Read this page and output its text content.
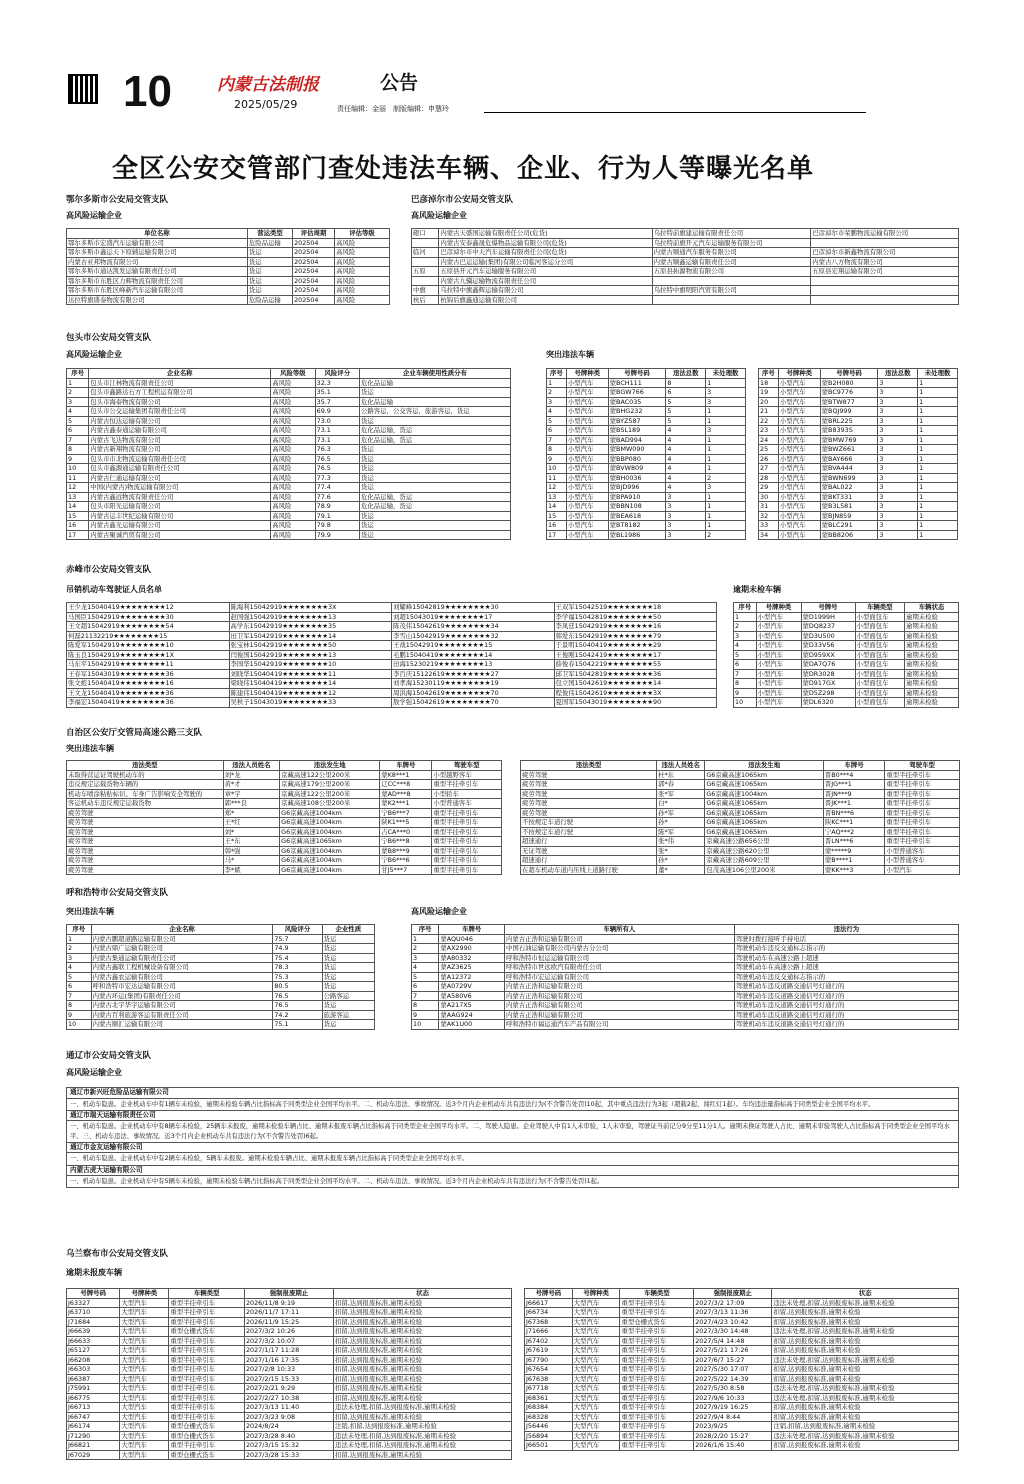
10	内蒙古法制报	公告
2025/05/29	责任编辑：金丽　制版编辑：申慧玲
全区公安交管部门查处违法车辆、企业、行为人等曝光名单
鄂尔多斯市公安局交管支队
高风险运输企业
单位名称	营运类型	评估周期	评估等级
鄂尔多斯市宏盛汽车运输有限公司	危险品运输	202504	高风险
鄂尔多斯市鑫运天下原辅运输有限公司	货运	202504	高风险
内蒙古亚邦物流有限公司	货运	202504	高风险
鄂尔多斯市通达凯发运输有限责任公司	货运	202504	高风险
鄂尔多斯市东胜区力辉物流有限责任公司	货运	202504	高风险
鄂尔多斯市东胜区峰新汽车运输有限公司	货运	202504	高风险
达拉特旗盛泰物流有限公司	危险品运输	202504	高风险
巴彦淖尔市公安局交管支队
高风险运输企业
磴口	内蒙古天盛国运输有限责任公司(危货)	乌拉特前旗建运输有限责任公司	巴彦淖尔市荣鹏物流运输有限公司
	内蒙古安泰鑫晟危爆物品运输有限公司(危货)	乌拉特前旗开元汽车运输服务有限公司	
临河	巴彦淖尔市中天汽车运输有限责任公司(危货)	内蒙古顺通汽车服务有限公司	巴彦淖尔市新鑫物流有限公司
	内蒙古巴运运输(集团)有限公司临河客运分公司	内蒙古顺鑫运输有限责任公司	内蒙古八方物流有限公司
五原	五原县开元汽车运输服务有限公司	五原县拓源物流有限公司	五原县宏翔运输有限公司
	内蒙古九骥运输物流有限责任公司		
中旗	乌拉特中旗鑫辉运输有限公司	乌拉特中旗明阳汽贸有限公司	
杭后	杭锦后旗鑫通运输有限公司		
包头市公安局交管支队
高风险运输企业	突出违法车辆
序号	企业名称	风险等级	风险评分	企业车辆使用性质分布
1	包头市江林物流有限责任公司	高风险	32.3	危化品运输
2	包头市鑫路达石方工程机运有限公司	高风险	35.1	货运
3	包头市海泰物流有限公司	高风险	35.7	危化品运输
4	包头市公交运输集团有限责任公司	高风险	69.9	公路客运，公交客运，旅游客运，货运
5	内蒙古恒达运输有限公司	高风险	73.0	货运
6	内蒙古鑫泰通运输有限公司	高风险	73.1	危化品运输，货运
7	内蒙古飞达物流有限公司	高风险	73.1	危化品运输，货运
8	内蒙古新翔物流有限公司	高风险	76.3	货运
9	包头市市北物流运输有限责任公司	高风险	76.5	货运
10	包头市鑫源通运输有限责任公司	高风险	76.5	货运
11	内蒙古仁通运输有限公司	高风险	77.3	货运
12	中国(内蒙古)物流运输有限公司	高风险	77.4	货运
13	内蒙古鑫远物流有限责任公司	高风险	77.6	危化品运输，货运
14	包头市阳光运输有限公司	高风险	78.9	危化品运输，货运
15	内蒙古运丰世纪运输有限公司	高风险	79.1	货运
16	内蒙古鑫光运输有限公司	高风险	79.8	货运
17	内蒙古聚诚汽贸有限公司	高风险	79.9	货运
序号	号牌种类	号牌号码	违法总数	未处理数
1	小型汽车	蒙BCH111	8	1
2	小型汽车	蒙BGW766	6	3
3	小型汽车	蒙BAC035	5	3
4	小型汽车	蒙BHG232	5	1
5	小型汽车	蒙BYZ587	5	1
6	小型汽车	蒙BSL189	4	3
7	小型汽车	蒙BAD994	4	1
8	小型汽车	蒙BMW090	4	1
9	小型汽车	蒙BBP080	4	1
10	小型汽车	蒙BVW809	4	1
11	小型汽车	蒙BH0036	4	2
12	小型汽车	蒙BJD996	4	3
13	小型汽车	蒙BPA910	3	1
14	小型汽车	蒙BBN108	3	1
15	小型汽车	蒙BEA618	3	1
16	小型汽车	蒙BT8182	3	1
17	小型汽车	蒙BL1986	3	2
序号	号牌种类	号牌号码	违法总数	未处理数
18	小型汽车	蒙B2H080	3	1
19	小型汽车	蒙BC9776	3	1
20	小型汽车	蒙BTW877	3	1
21	小型汽车	蒙BQJ999	3	1
22	小型汽车	蒙BRL225	3	1
23	小型汽车	蒙B8393S	3	1
24	小型汽车	蒙BMW769	3	1
25	小型汽车	蒙BWZ661	3	1
26	小型汽车	蒙BAY666	3	1
27	小型汽车	蒙BVA444	3	1
28	小型汽车	蒙BWN699	3	1
29	小型汽车	蒙BAL022	3	1
30	小型汽车	蒙BKT331	3	1
31	小型汽车	蒙B3L581	3	1
32	小型汽车	蒙BJN859	3	1
33	小型汽车	蒙BLC291	3	1
34	小型汽车	蒙BB8206	3	1
赤峰市公安局交管支队
吊销机动车驾驶证人员名单	逾期未检车辆
王少龙15040419★★★★★★★★12	陈海利15042919★★★★★★★★3X	刘耀峰15042819★★★★★★★★30	王双军15042519★★★★★★★★18
马国臣15042919★★★★★★★★30	赵国强15042919★★★★★★★★13	刘超15043019★★★★★★★★17	李学福15042819★★★★★★★★50
王文超15042919★★★★★★★★54	高学东15042919★★★★★★★★35	陈茂伟15042619★★★★★★★★34	李凤廷15042919★★★★★★★★16
何磊21132219★★★★★★★★15	田卫军15042919★★★★★★★★14	李雪山15042919★★★★★★★★32	韩爱东15042919★★★★★★★★79
陈爱军15042919★★★★★★★★10	张宝林15042919★★★★★★★★50	王战15042919★★★★★★★★15	于景明15040419★★★★★★★★29
陈玉良15042919★★★★★★★★1X	闫俊国15042919★★★★★★★★13	毛鹏15040419★★★★★★★★14	王俊刚15042419★★★★★★★★17
马东平15042919★★★★★★★★11	李国华15042919★★★★★★★★10	田海15230219★★★★★★★★13	薛俊春15042219★★★★★★★★55
王春军15043019★★★★★★★★36	刘晓华15040419★★★★★★★★11	李百庆15122619★★★★★★★★27	邱卫军15042819★★★★★★★★36
张文彪15040419★★★★★★★★16	梁晓伟15040419★★★★★★★★14	刘孝海15230119★★★★★★★★19	包立国15042619★★★★★★★★14
王文龙15040419★★★★★★★★36	陈建伟15040419★★★★★★★★12	周洪海15042619★★★★★★★★70	程俊伟15042619★★★★★★★★3X
李福宏15040419★★★★★★★★36	吴秋子15043019★★★★★★★★33	敖学强15042619★★★★★★★★70	夏国军15043019★★★★★★★★90
序号	号牌种类	号牌号	车辆类型	车辆状态
1	小型汽车	蒙D1999H	小型面包车	逾期未检验
2	小型汽车	蒙DQ8237	小型面包车	逾期未检验
3	小型汽车	蒙D3U500	小型面包车	逾期未检验
4	小型汽车	蒙D33V56	小型面包车	逾期未检验
5	小型汽车	蒙D959XX	小型面包车	逾期未检验
6	小型汽车	蒙DA7Q76	小型面包车	逾期未检验
7	小型汽车	蒙DR3028	小型面包车	逾期未检验
8	小型汽车	蒙D917GX	小型面包车	逾期未检验
9	小型汽车	蒙D5Z298	小型面包车	逾期未检验
10	小型汽车	蒙DL6320	小型面包车	逾期未检验
自治区公安厅交管局高速公路三支队
突出违法车辆
违法类型	违法人员姓名	违法发生地	车牌号	驾驶车型
未取得营运证驾驶机动车的	刘*龙	京藏高速122公里200米	蒙K8***1	小型越野客车
违反规定运载货物车辆的	黄*才	京藏高速179公里200米	辽CC***8	重型半挂牵引车
机动车喷涂粘贴标识、车身广告影响安全驾驶的	章*宇	京藏高速122公里200米	蒙AD***8	小型轿车
客运机动车违反规定运载货物	郭***良	京藏高速108公里200米	蒙K2***1	小型普通客车
疲劳驾驶	郑*	G6京藏高速1004km	宁B6***7	重型半挂牵引车
疲劳驾驶	王*红	G6京藏高速1004km	陕K1***5	重型半挂牵引车
疲劳驾驶	刘*	G6京藏高速1004km	吉CA***0	重型半挂牵引车
疲劳驾驶	王*东	G6京藏高速1065km	宁B6***8	重型半挂牵引车
疲劳驾驶	韩*强	G6京藏高速1004km	蒙B8***9	重型半挂牵引车
疲劳驾驶	马*	G6京藏高速1004km	宁B6***6	重型半挂牵引车
疲劳驾驶	李*斌	G6京藏高速1004km	甘J5***7	重型半挂牵引车
违法类型	违法人员姓名	违法发生地	车牌号	驾驶车型
疲劳驾驶	杜*东	G6京藏高速1065km	晋B0***4	重型半挂牵引车
疲劳驾驶	郭*春	G6京藏高速1065km	晋JG***1	重型半挂牵引车
疲劳驾驶	张*军	G6京藏高速1004km	晋JN***9	重型半挂牵引车
疲劳驾驶	白*	G6京藏高速1065km	晋JK***1	重型半挂牵引车
疲劳驾驶	孙*军	G6京藏高速1065km	晋BN***6	重型半挂牵引车
不按规定车道行驶	孙*	G6京藏高速1065km	陕KC***1	重型半挂牵引车
不按规定车道行驶	陈*军	G6京藏高速1065km	宁AQ***2	重型半挂牵引车
超速通行	张*伟	京藏高速公路656公里	晋LN***6	重型半挂牵引车
无证驾驶	张*	京藏高速公路620公里	蒙*****9	小型普通客车
超速通行	孙*	京藏高速公路609公里	蒙B****1	小型普通客车
在超车机动车道内压线上道路行驶	董*	包茂高速106公里200米	蒙KK***3	小型汽车
呼和浩特市公安局交管支队
突出违法车辆	高风险运输企业
序号	企业名称	风险评分	企业性质
1	内蒙古鹏超道路运输有限公司	75.7	货运
2	内蒙古鼎广运输有限公司	74.9	货运
3	内蒙古集通运输有限责任公司	75.4	货运
4	内蒙古鑫联工程机械设备有限公司	78.3	货运
5	内蒙古鑫农运输有限公司	75.3	货运
6	呼和浩特市宏达运输有限公司	80.5	货运
7	内蒙古环运(集团)有限责任公司	76.5	公路客运
8	内蒙古北宇华宇运输有限公司	76.5	货运
9	内蒙古百利旅游客运有限责任公司	74.2	旅游客运
10	内蒙古顺汇运输有限公司	75.1	货运
序号	车牌号	车辆所有人	违法行为
1	蒙AQU046	内蒙古正浩和运输有限公司	驾驶时拨打接听手持电话
2	蒙AX2990	中国石油运输有限公司内蒙古分公司	驾驶机动车违反交通标志指示的
3	蒙A80332	呼和浩特市恒运运输有限公司	驾驶机动车在高速公路上超速
4	蒙AZ3625	呼和浩特市世远欧汽有限责任公司	驾驶机动车在高速公路上超速
5	蒙A12372	呼和浩特市宏运运输有限公司	驾驶机动车违反交通标志指示的
6	蒙A0729V	内蒙古正浩和运输有限公司	驾驶机动车违反道路交通信号灯通行的
7	蒙A580V6	内蒙古正浩和运输有限公司	驾驶机动车违反道路交通信号灯通行的
8	蒙A217X5	内蒙古正浩和运输有限公司	驾驶机动车违反道路交通信号灯通行的
9	蒙AAG924	内蒙古正浩和运输有限公司	驾驶机动车违反道路交通信号灯通行的
10	蒙AK1U00	呼和浩特市福运通汽车产品有限公司	驾驶机动车违反道路交通信号灯通行的
通辽市公安局交管支队
高风险运输企业
通辽市新兴旺危险品运输有限公司
一、机动车隐患。企业机动车中有1辆车未检验，逾期未检验车辆占比指标高于同类型企业全国平均水平。二、机动车违法、事故情况。近3个月内企业机动车共有违法行为(不含警告处罚)10起，其中重点违法行为3起（超载2起，闯红灯1起）。车均违法量指标高于同类型企业全国平均水平。
通辽市瑞天运输有限责任公司
一、机动车隐患。企业机动车中有8辆车未检验，25辆车未报废，逾期未检验车辆占比、逾期未报废车辆占比指标高于同类型企业全国平均水平。二、驾驶人隐患。企业驾驶人中有1人未审验，1人未审验，驾驶证当前记分9分至11分1人。逾期未换证驾驶人占比、逾期未审验驾驶人占比指标高于同类型企业全国平均水平。三、机动车违法、事故情况。近3个月内企业机动车共有违法行为(不含警告处罚)6起。
通辽市金友运输有限公司
一、机动车隐患。企业机动车中有2辆车未检验，5辆车未报废。逾期未检验车辆占比、逾期未报废车辆占比指标高于同类型企业全国平均水平。
内蒙古虎大运输有限公司
一、机动车隐患。企业机动车中有5辆车未检验，逾期未检验车辆占比指标高于同类型企业全国平均水平。二、机动车违法、事故情况。近3个月内企业机动车共有违法行为(不含警告处罚)1起。
乌兰察布市公安局交管支队
逾期未报废车辆
号牌号码	号牌种类	车辆类型	强制报废期止	状态
J63327	大型汽车	重型半挂牵引车	2026/11/8 9:19	扣留,达到报废标准,逾期未检验
J63710	大型汽车	重型半挂牵引车	2026/11/7 17:11	扣留,达到报废标准,逾期未检验
J71684	大型汽车	重型半挂牵引车	2026/11/9 15:25	扣留,达到报废标准,逾期未检验
J66639	大型汽车	重型仓栅式货车	2027/3/2 10:26	扣留,达到报废标准,逾期未检验
J66633	大型汽车	重型半挂牵引车	2027/3/2 10:07	扣留,达到报废标准,逾期未检验
J65127	大型汽车	重型半挂牵引车	2027/1/17 11:28	扣留,达到报废标准,逾期未检验
J66208	大型汽车	重型半挂牵引车	2027/1/16 17:35	扣留,达到报废标准,逾期未检验
J66303	大型汽车	重型半挂牵引车	2027/2/8 10:33	扣留,达到报废标准,逾期未检验
J66387	大型汽车	重型半挂牵引车	2027/2/15 15:33	扣留,达到报废标准,逾期未检验
J75991	大型汽车	重型半挂牵引车	2027/2/21 9:29	扣留,达到报废标准,逾期未检验
J66775	大型汽车	重型半挂牵引车	2027/2/27 10:38	扣留,达到报废标准,逾期未检验
J66713	大型汽车	重型半挂牵引车	2027/3/13 11:40	违法未处理,扣留,达到报废标准,逾期未检验
J66747	大型汽车	重型半挂牵引车	2027/3/23 9:08	扣留,达到报废标准,逾期未检验
J66174	大型汽车	重型仓栅式货车	2024/8/24	注销,扣留,达到报废标准,逾期未检验
J71290	大型汽车	重型仓栅式货车	2027/3/28 8:40	违法未处理,扣留,达到报废标准,逾期未检验
J66821	大型汽车	重型半挂牵引车	2027/3/15 15:32	违法未处理,扣留,达到报废标准,逾期未检验
J67029	大型汽车	重型仓栅式货车	2027/3/28 15:33	扣留,达到报废标准,逾期未检验
号牌号码	号牌种类	车辆类型	强制报废期止	状态
J66617	大型汽车	重型半挂牵引车	2027/3/2 17:09	违法未处理,扣留,达到报废标准,逾期未检验
J66734	大型汽车	重型半挂牵引车	2027/3/13 11:36	扣留,达到报废标准,逾期未检验
J67368	大型汽车	重型仓栅式货车	2027/4/23 10:42	扣留,达到报废标准,逾期未检验
J71666	大型汽车	重型半挂牵引车	2027/3/30 14:48	违法未处理,扣留,达到报废标准,逾期未检验
J67402	大型汽车	重型半挂牵引车	2027/5/4 14:48	扣留,达到报废标准,逾期未检验
J67619	大型汽车	重型半挂牵引车	2027/5/21 17:26	扣留,达到报废标准,逾期未检验
J67790	大型汽车	重型半挂牵引车	2027/6/7 15:27	违法未处理,扣留,达到报废标准,逾期未检验
J67654	大型汽车	重型半挂牵引车	2027/5/30 17:07	扣留,达到报废标准,逾期未检验
J67638	大型汽车	重型半挂牵引车	2027/5/22 14:39	扣留,达到报废标准,逾期未检验
J67718	大型汽车	重型半挂牵引车	2027/5/30 8:58	违法未处理,扣留,达到报废标准,逾期未检验
J68361	大型汽车	重型半挂牵引车	2027/9/6 10:33	违法未处理,扣留,达到报废标准,逾期未检验
J68384	大型汽车	重型半挂牵引车	2027/9/19 16:25	扣留,达到报废标准,逾期未检验
J68328	大型汽车	重型半挂牵引车	2027/9/4 8:44	扣留,达到报废标准,逾期未检验
J56446	大型汽车	重型半挂牵引车	2023/9/25	注销,扣留,达到报废标准,逾期未检验
J56894	大型汽车	重型半挂牵引车	2028/2/20 15:27	违法未处理,扣留,达到报废标准,逾期未检验
J66501	大型汽车	重型半挂牵引车	2026/1/6 15:40	扣留,达到报废标准,逾期未检验
